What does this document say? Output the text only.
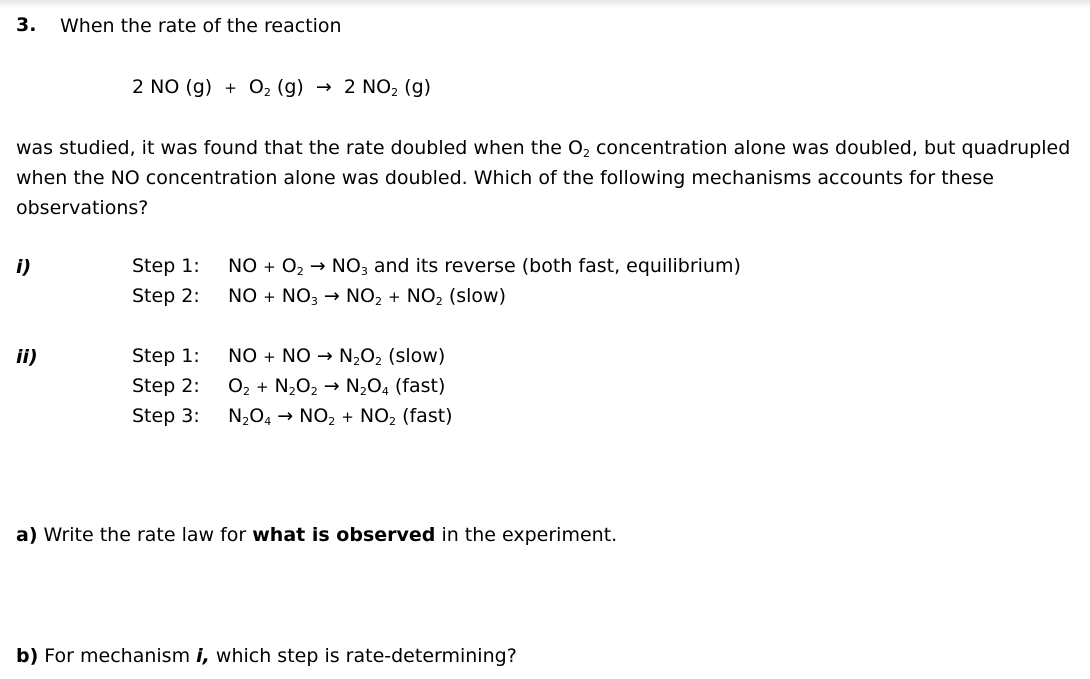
3. When the rate of the reaction
2 NO $(g) + O_2$ (g) → 2 $NO_2$ (g)
was studied, it was found that the rate doubled when the $O_2$ concentration alone was doubled, but quadrupled when the NO concentration alone was doubled. Which of the following mechanisms accounts for these observations?
i)	Step 1: NO + $O_2 \to NO_3$ and its reverse (both fast, equilibrium)
Step 2: NO + $NO_3 \to NO_2 + NO_2$ (slow)
ii)	Step 1: NO + NO → $N_2O_2$ (slow)
Step 2: $O_2 + N_2O_2 \to N_2O_4$ (fast)
Step 3: $N_2O_4 \to NO_2 + NO_2$ (fast)
a) Write the rate law for what is observed in the experiment.
b) For mechanism i, which step is rate-determining?
